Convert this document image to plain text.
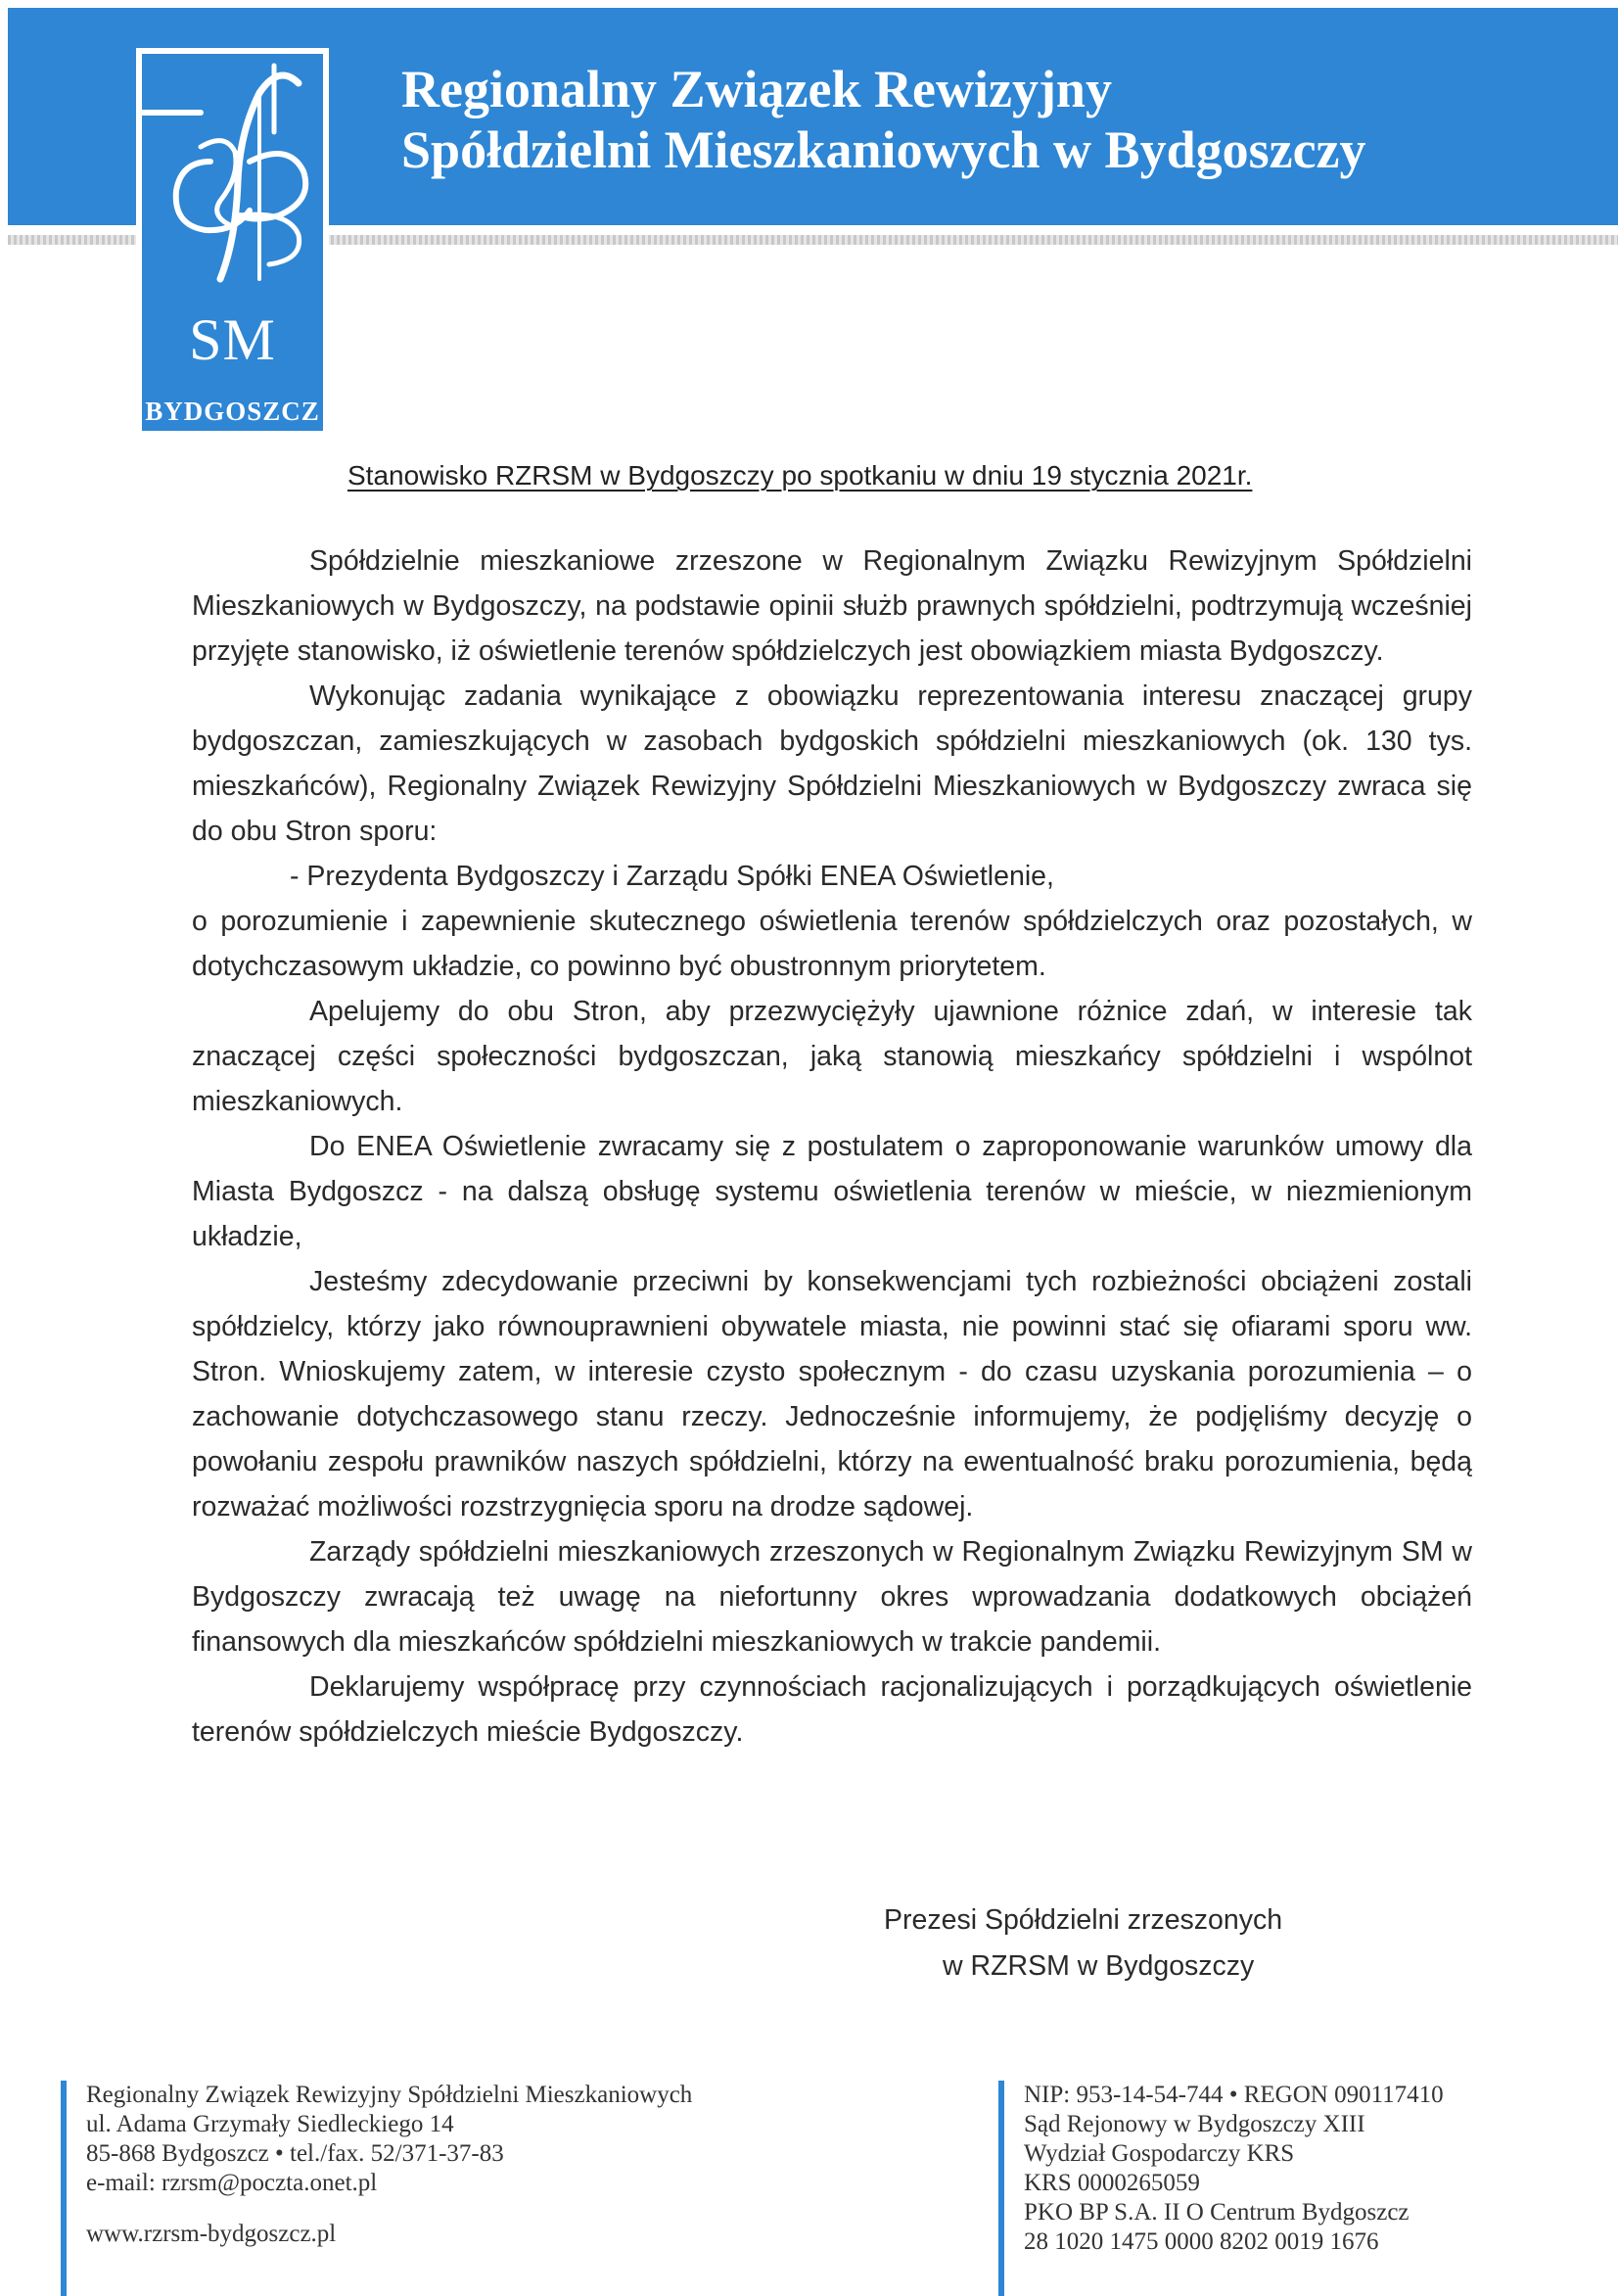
SM
BYDGOSZCZ
Regionalny Związek Rewizyjny
Spółdzielni Mieszkaniowych w Bydgoszczy
Stanowisko RZRSM w Bydgoszczy po spotkaniu w dniu 19 stycznia 2021r.

Spółdzielnie mieszkaniowe zrzeszone w Regionalnym Związku Rewizyjnym Spółdzielni Mieszkaniowych w Bydgoszczy, na podstawie opinii służb prawnych spółdzielni, podtrzymują wcześniej przyjęte stanowisko, iż oświetlenie terenów spółdzielczych jest obowiązkiem miasta Bydgoszczy.

Wykonując zadania wynikające z obowiązku reprezentowania interesu znaczącej grupy bydgoszczan, zamieszkujących w zasobach bydgoskich spółdzielni mieszkaniowych (ok. 130 tys. mieszkańców), Regionalny Związek Rewizyjny Spółdzielni Mieszkaniowych w Bydgoszczy zwraca się do obu Stron sporu:

- Prezydenta Bydgoszczy i Zarządu Spółki ENEA Oświetlenie,

o porozumienie i zapewnienie skutecznego oświetlenia terenów spółdzielczych oraz pozostałych, w dotychczasowym układzie, co powinno być obustronnym priorytetem.

Apelujemy do obu Stron, aby przezwyciężyły ujawnione różnice zdań, w interesie tak znaczącej części społeczności bydgoszczan, jaką stanowią mieszkańcy spółdzielni i wspólnot mieszkaniowych.

Do ENEA Oświetlenie zwracamy się z postulatem o zaproponowanie warunków umowy dla Miasta Bydgoszcz - na dalszą obsługę systemu oświetlenia terenów w mieście, w niezmienionym układzie,

Jesteśmy zdecydowanie przeciwni by konsekwencjami tych rozbieżności obciążeni zostali spółdzielcy, którzy jako równouprawnieni obywatele miasta, nie powinni stać się ofiarami sporu ww. Stron. Wnioskujemy zatem, w interesie czysto społecznym - do czasu uzyskania porozumienia – o zachowanie dotychczasowego stanu rzeczy. Jednocześnie informujemy, że podjęliśmy decyzję o powołaniu zespołu prawników naszych spółdzielni, którzy na ewentualność braku porozumienia, będą rozważać możliwości rozstrzygnięcia sporu na drodze sądowej.

Zarządy spółdzielni mieszkaniowych zrzeszonych w Regionalnym Związku Rewizyjnym SM w Bydgoszczy zwracają też uwagę na niefortunny okres wprowadzania dodatkowych obciążeń finansowych dla mieszkańców spółdzielni mieszkaniowych w trakcie pandemii.

Deklarujemy współpracę przy czynnościach racjonalizujących i porządkujących oświetlenie terenów spółdzielczych mieście Bydgoszczy.

Prezesi Spółdzielni zrzeszonych
w RZRSM w Bydgoszczy
Regionalny Związek Rewizyjny Spółdzielni Mieszkaniowych
ul. Adama Grzymały Siedleckiego 14
85-868 Bydgoszcz • tel./fax. 52/371-37-83
e-mail: rzrsm@poczta.onet.pl
www.rzrsm-bydgoszcz.pl
NIP: 953-14-54-744 • REGON 090117410
Sąd Rejonowy w Bydgoszczy XIII
Wydział Gospodarczy KRS
KRS 0000265059
PKO BP S.A. II O Centrum Bydgoszcz
28 1020 1475 0000 8202 0019 1676
